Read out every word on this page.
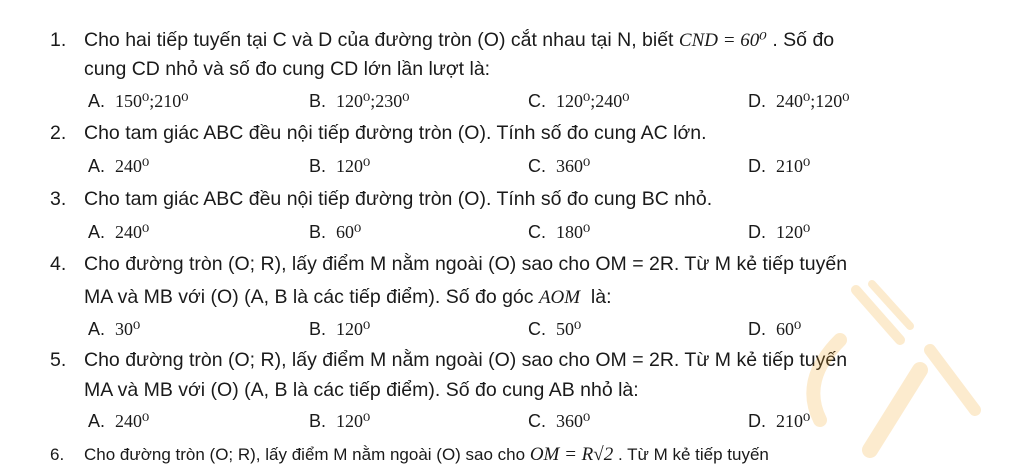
1. Cho hai tiếp tuyến tại C và D của đường tròn (O) cắt nhau tại N, biết CND = 60⁰ . Số đo
cung CD nhỏ và số đo cung CD lớn lần lượt là:
A. 150⁰;210⁰	B. 120⁰;230⁰	C. 120⁰;240⁰	D. 240⁰;120⁰
2. Cho tam giác ABC đều nội tiếp đường tròn (O). Tính số đo cung AC lớn.
A. 240⁰	B. 120⁰	C. 360⁰	D. 210⁰
3. Cho tam giác ABC đều nội tiếp đường tròn (O). Tính số đo cung BC nhỏ.
A. 240⁰	B. 60⁰	C. 180⁰	D. 120⁰
4. Cho đường tròn (O; R), lấy điểm M nằm ngoài (O) sao cho OM = 2R. Từ M kẻ tiếp tuyến
MA và MB với (O) (A, B là các tiếp điểm). Số đo góc AOM  là:
A. 30⁰	B. 120⁰	C. 50⁰	D. 60⁰
5. Cho đường tròn (O; R), lấy điểm M nằm ngoài (O) sao cho OM = 2R. Từ M kẻ tiếp tuyến
MA và MB với (O) (A, B là các tiếp điểm). Số đo cung AB nhỏ là:
A. 240⁰	B. 120⁰	C. 360⁰	D. 210⁰
6. Cho đường tròn (O; R), lấy điểm M nằm ngoài (O) sao cho OM = R√2 . Từ M kẻ tiếp tuyến
